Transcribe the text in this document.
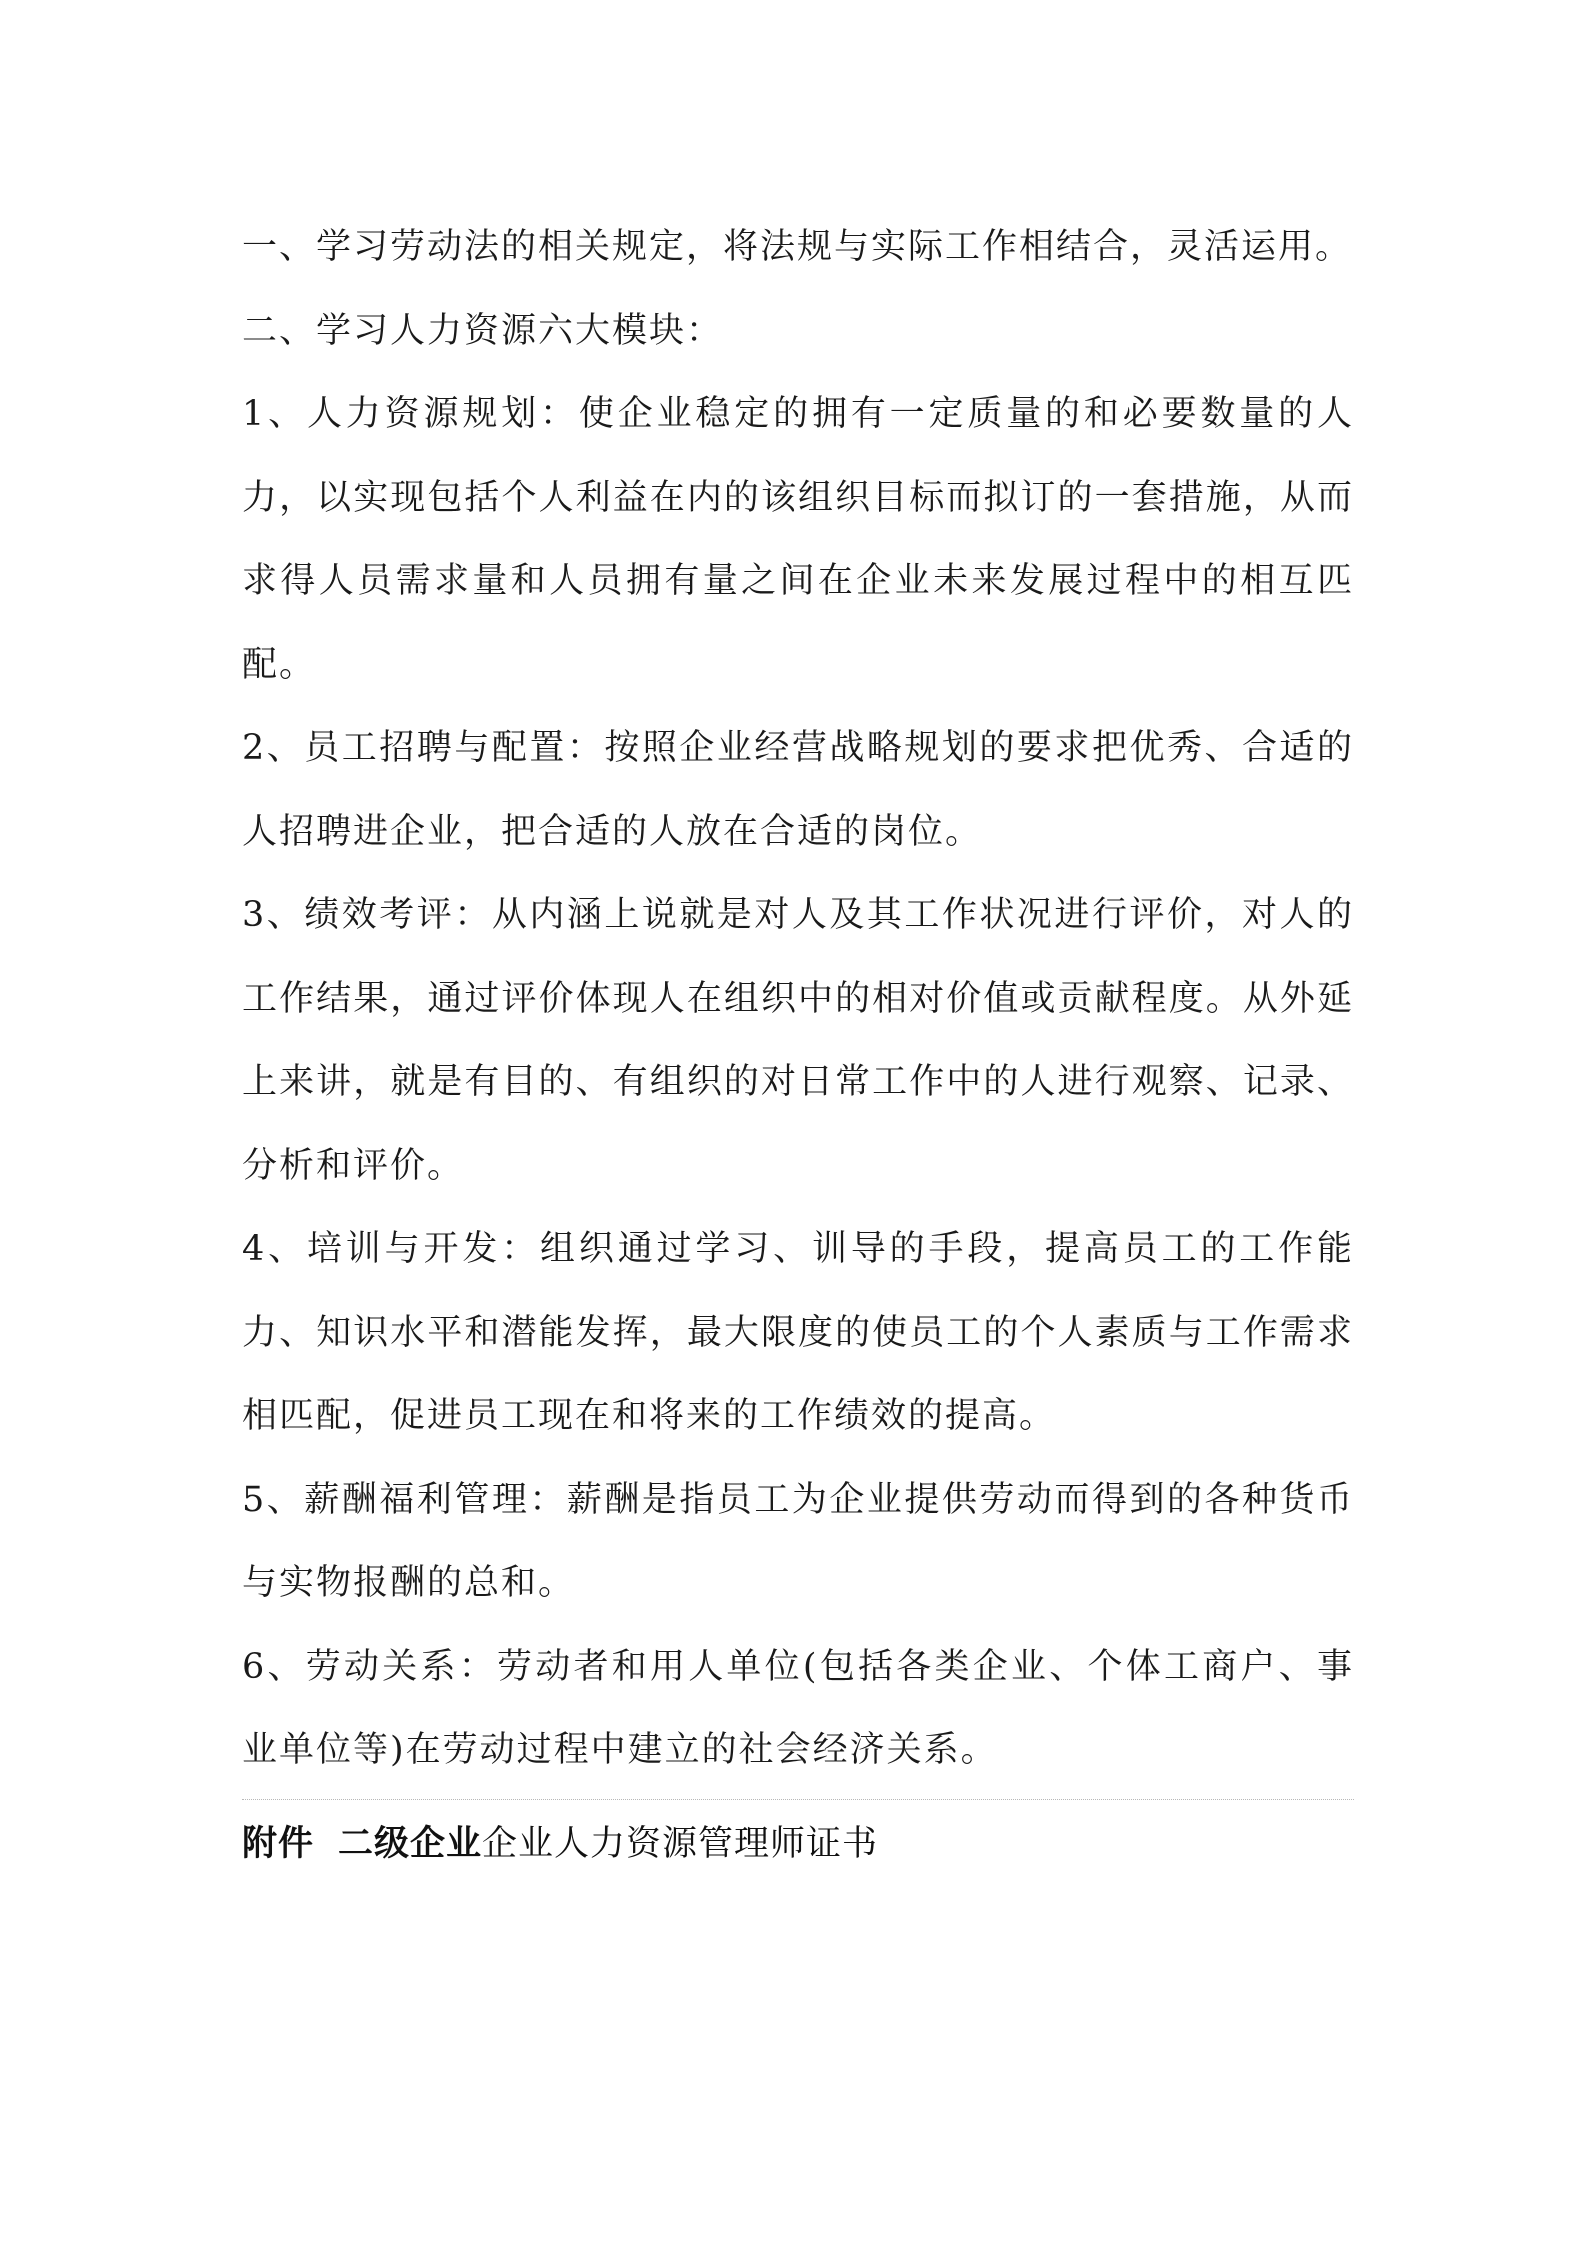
一、学习劳动法的相关规定，将法规与实际工作相结合，灵活运用。

二、学习人力资源六大模块：

1、人力资源规划：使企业稳定的拥有一定质量的和必要数量的人力，以实现包括个人利益在内的该组织目标而拟订的一套措施，从而求得人员需求量和人员拥有量之间在企业未来发展过程中的相互匹配。

2、员工招聘与配置：按照企业经营战略规划的要求把优秀、合适的人招聘进企业，把合适的人放在合适的岗位。

3、绩效考评：从内涵上说就是对人及其工作状况进行评价，对人的工作结果，通过评价体现人在组织中的相对价值或贡献程度。从外延上来讲，就是有目的、有组织的对日常工作中的人进行观察、记录、分析和评价。

4、培训与开发：组织通过学习、训导的手段，提高员工的工作能力、知识水平和潜能发挥，最大限度的使员工的个人素质与工作需求相匹配，促进员工现在和将来的工作绩效的提高。

5、薪酬福利管理：薪酬是指员工为企业提供劳动而得到的各种货币与实物报酬的总和。

6、劳动关系：劳动者和用人单位(包括各类企业、个体工商户、事业单位等)在劳动过程中建立的社会经济关系。

附件 二级企业企业人力资源管理师证书
